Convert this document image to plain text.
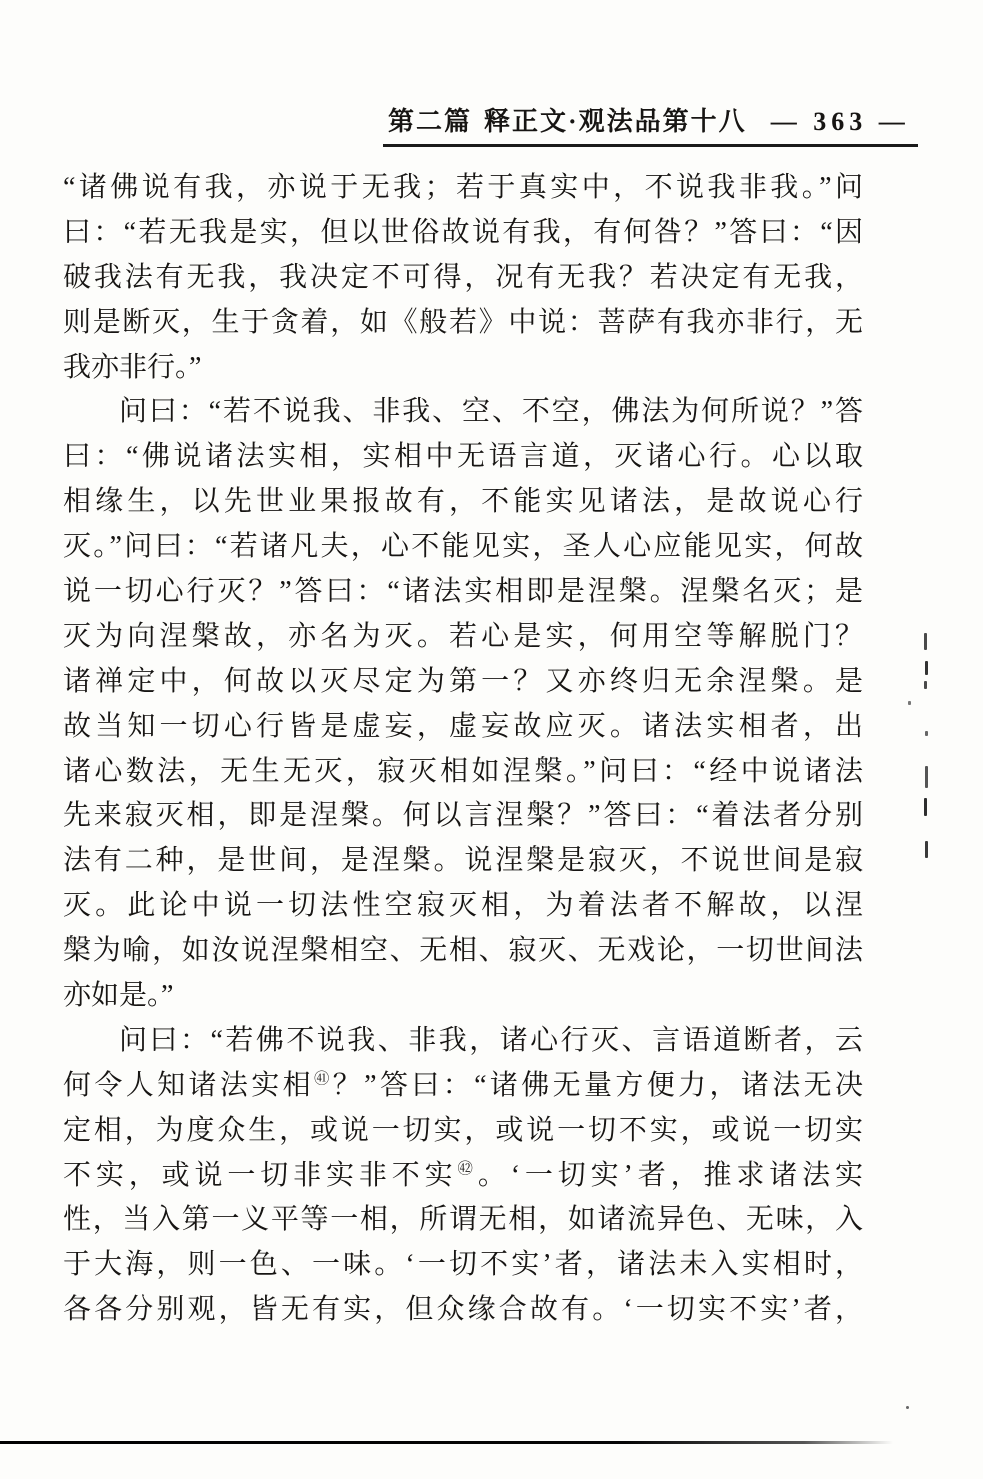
第二篇 释正文·观法品第十八 — 363 —
“诸佛说有我，亦说于无我；若于真实中，不说我非我。”问
曰：“若无我是实，但以世俗故说有我，有何咎？”答曰：“因
破我法有无我，我决定不可得，况有无我？若决定有无我，
则是断灭，生于贪着，如《般若》中说：菩萨有我亦非行，无
我亦非行。”
问曰：“若不说我、非我、空、不空，佛法为何所说？”答
曰：“佛说诸法实相，实相中无语言道，灭诸心行。心以取
相缘生，以先世业果报故有，不能实见诸法，是故说心行
灭。”问曰：“若诸凡夫，心不能见实，圣人心应能见实，何故
说一切心行灭？”答曰：“诸法实相即是涅槃。涅槃名灭；是
灭为向涅槃故，亦名为灭。若心是实，何用空等解脱门？
诸禅定中，何故以灭尽定为第一？又亦终归无余涅槃。是
故当知一切心行皆是虚妄，虚妄故应灭。诸法实相者，出
诸心数法，无生无灭，寂灭相如涅槃。”问曰：“经中说诸法
先来寂灭相，即是涅槃。何以言涅槃？”答曰：“着法者分别
法有二种，是世间，是涅槃。说涅槃是寂灭，不说世间是寂
灭。此论中说一切法性空寂灭相，为着法者不解故，以涅
槃为喻，如汝说涅槃相空、无相、寂灭、无戏论，一切世间法
亦如是。”
问曰：“若佛不说我、非我，诸心行灭、言语道断者，云
何令人知诸法实相$^㊶$？”答曰：“诸佛无量方便力，诸法无决
定相，为度众生，或说一切实，或说一切不实，或说一切实
不实，或说一切非实非不实$^㊷$。‘一切实’者，推求诸法实
性，当入第一义平等一相，所谓无相，如诸流异色、无味，入
于大海，则一色、一味。‘一切不实’者，诸法未入实相时，
各各分别观，皆无有实，但众缘合故有。‘一切实不实’者，
